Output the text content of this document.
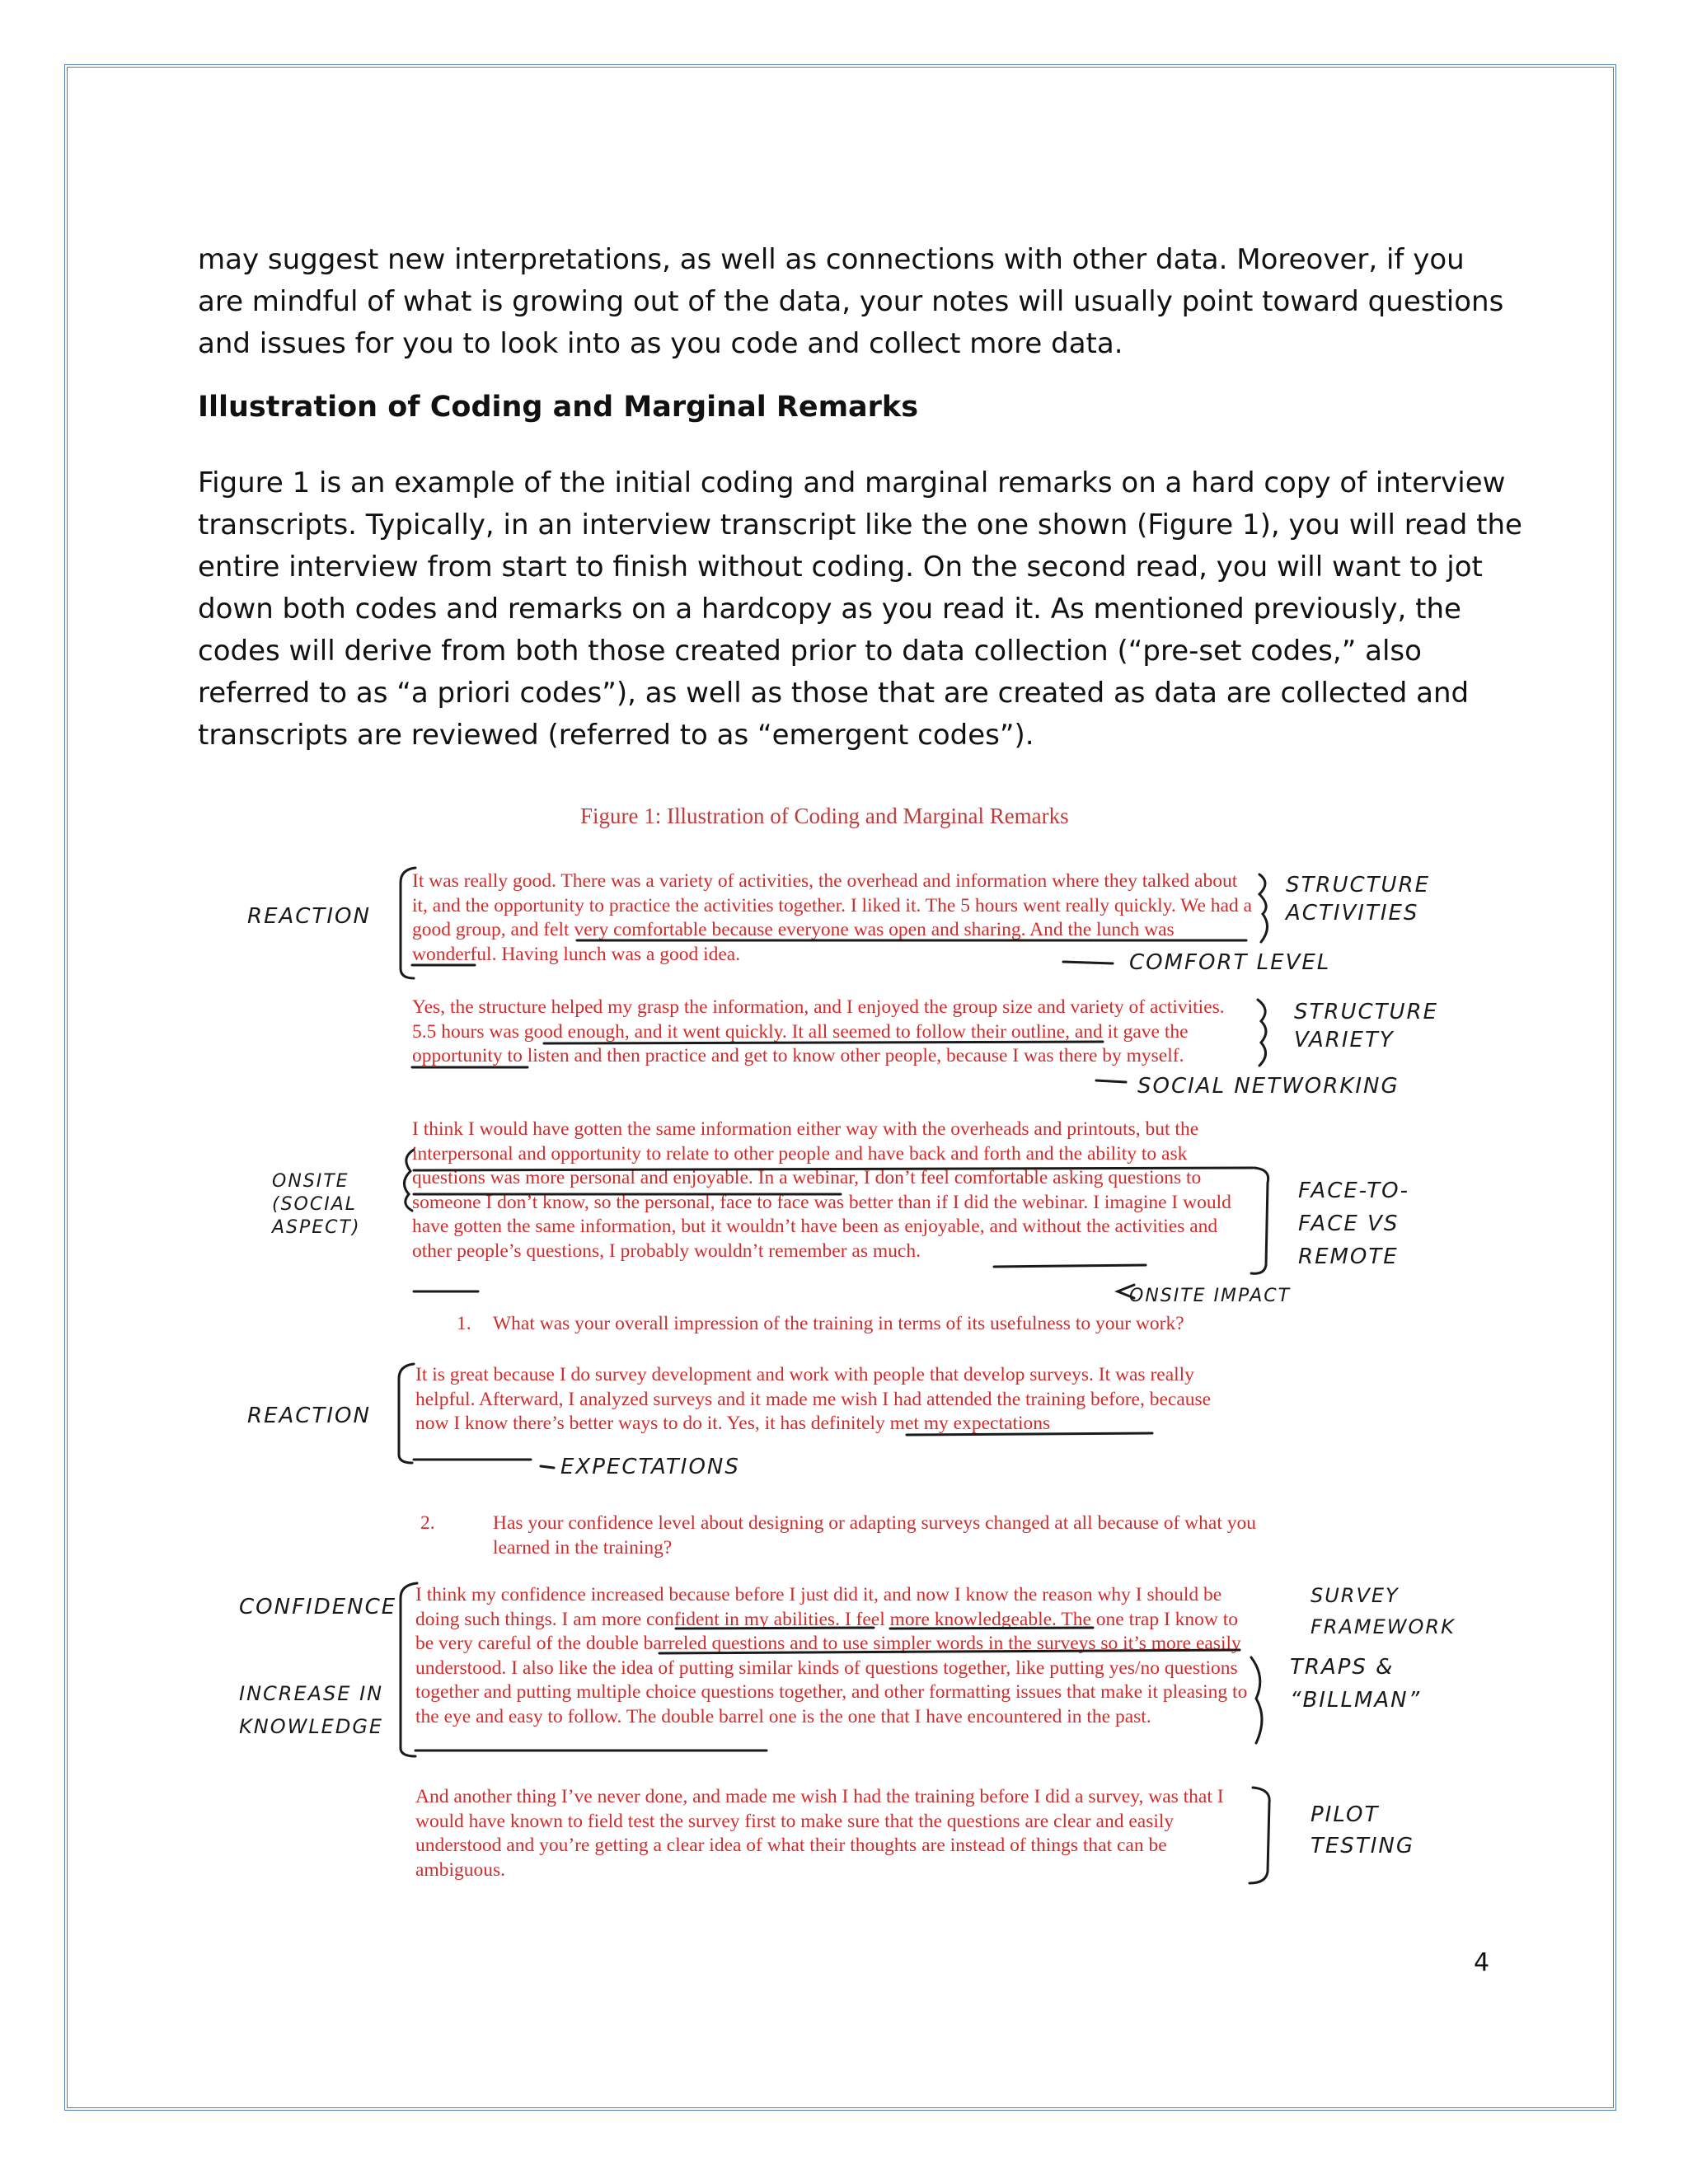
may suggest new interpretations, as well as connections with other data. Moreover, if you are mindful of what is growing out of the data, your notes will usually point toward questions and issues for you to look into as you code and collect more data.

Illustration of Coding and Marginal Remarks

Figure 1 is an example of the initial coding and marginal remarks on a hard copy of interview transcripts. Typically, in an interview transcript like the one shown (Figure 1), you will read the entire interview from start to finish without coding. On the second read, you will want to jot down both codes and remarks on a hardcopy as you read it. As mentioned previously, the codes will derive from both those created prior to data collection (“pre-set codes,” also referred to as “a priori codes”), as well as those that are created as data are collected and transcripts are reviewed (referred to as “emergent codes”).

Figure 1: Illustration of Coding and Marginal Remarks

It was really good. There was a variety of activities, the overhead and information where they talked about it, and the opportunity to practice the activities together. I liked it. The 5 hours went really quickly. We had a good group, and felt very comfortable because everyone was open and sharing. And the lunch was wonderful. Having lunch was a good idea.

Yes, the structure helped my grasp the information, and I enjoyed the group size and variety of activities. 5.5 hours was good enough, and it went quickly. It all seemed to follow their outline, and it gave the opportunity to listen and then practice and get to know other people, because I was there by myself.

I think I would have gotten the same information either way with the overheads and printouts, but the interpersonal and opportunity to relate to other people and have back and forth and the ability to ask questions was more personal and enjoyable. In a webinar, I don’t feel comfortable asking questions to someone I don’t know, so the personal, face to face was better than if I did the webinar. I imagine I would have gotten the same information, but it wouldn’t have been as enjoyable, and without the activities and other people’s questions, I probably wouldn’t remember as much.

1. What was your overall impression of the training in terms of its usefulness to your work?

It is great because I do survey development and work with people that develop surveys. It was really helpful. Afterward, I analyzed surveys and it made me wish I had attended the training before, because now I know there’s better ways to do it. Yes, it has definitely met my expectations

2.	Has your confidence level about designing or adapting surveys changed at all because of what you learned in the training?

I think my confidence increased because before I just did it, and now I know the reason why I should be doing such things. I am more confident in my abilities. I feel more knowledgeable. The one trap I know to be very careful of the double barreled questions and to use simpler words in the surveys so it’s more easily understood. I also like the idea of putting similar kinds of questions together, like putting yes/no questions together and putting multiple choice questions together, and other formatting issues that make it pleasing to the eye and easy to follow. The double barrel one is the one that I have encountered in the past.

And another thing I’ve never done, and made me wish I had the training before I did a survey, was that I would have known to field test the survey first to make sure that the questions are clear and easily understood and you’re getting a clear idea of what their thoughts are instead of things that can be ambiguous.

REACTION

STRUCTURE ACTIVITIES

COMFORT LEVEL

STRUCTURE VARIETY

SOCIAL NETWORKING

ONSITE (SOCIAL ASPECT)

FACE-TO-FACE VS REMOTE

ONSITE IMPACT

REACTION

EXPECTATIONS

CONFIDENCE

INCREASE IN KNOWLEDGE

SURVEY FRAMEWORK

TRAPS & “BILLMAN”

PILOT TESTING

4
